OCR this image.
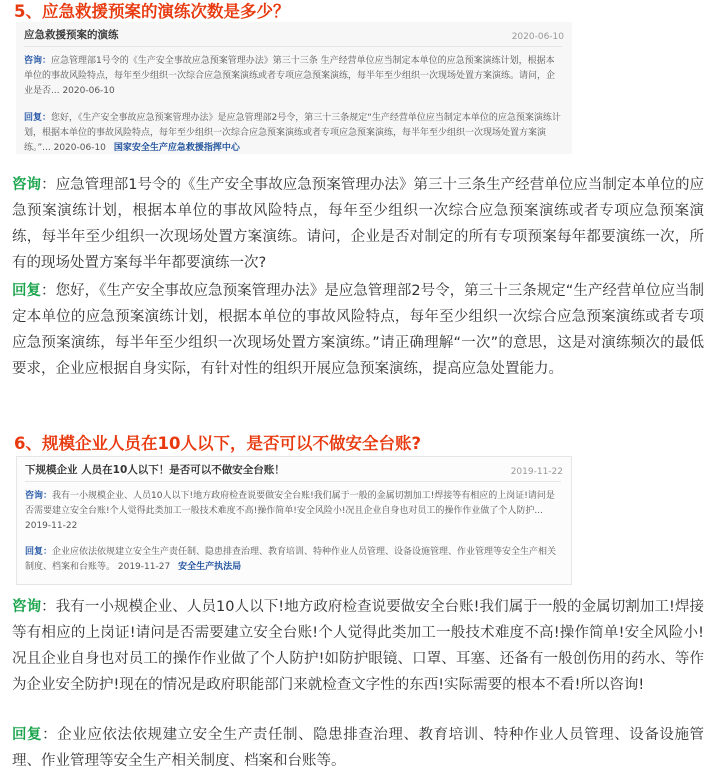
5、应急救援预案的演练次数是多少？
应急救援预案的演练	2020-06-10
咨询：应急管理部1号令的《生产安全事故应急预案管理办法》第三十三条 生产经营单位应当制定本单位的应急预案演练计划，根据本单位的事故风险特点，每年至少组织一次综合应急预案演练或者专项应急预案演练，每半年至少组织一次现场处置方案演练。请问，企业是否... 2020-06-10
回复：您好，《生产安全事故应急预案管理办法》是应急管理部2号令，第三十三条规定“生产经营单位应当制定本单位的应急预案演练计划，根据本单位的事故风险特点，每年至少组织一次综合应急预案演练或者专项应急预案演练，每半年至少组织一次现场处置方案演练。”... 2020-06-10 国家安全生产应急救援指挥中心

咨询：应急管理部1号令的《生产安全事故应急预案管理办法》第三十三条生产经营单位应当制定本单位的应急预案演练计划，根据本单位的事故风险特点，每年至少组织一次综合应急预案演练或者专项应急预案演练，每半年至少组织一次现场处置方案演练。请问，企业是否对制定的所有专项预案每年都要演练一次，所有的现场处置方案每半年都要演练一次?

回复：您好，《生产安全事故应急预案管理办法》是应急管理部2号令，第三十三条规定“生产经营单位应当制定本单位的应急预案演练计划，根据本单位的事故风险特点，每年至少组织一次综合应急预案演练或者专项应急预案演练，每半年至少组织一次现场处置方案演练。”请正确理解“一次”的意思，这是对演练频次的最低要求，企业应根据自身实际，有针对性的组织开展应急预案演练，提高应急处置能力。

6、规模企业人员在10人以下，是否可以不做安全台账?
下规模企业 人员在10人以下！是否可以不做安全台账！	2019-11-22
咨询：我有一小规模企业、人员10人以下!地方政府检查说要做安全台账!我们属于一般的金属切割加工!焊接等有相应的上岗证!请问是否需要建立安全台账!个人觉得此类加工一般技术难度不高!操作简单!安全风险小!况且企业自身也对员工的操作作业做了个人防护... 2019-11-22
回复：企业应依法依规建立安全生产责任制、隐患排查治理、教育培训、特种作业人员管理、设备设施管理、作业管理等安全生产相关制度、档案和台账等。 2019-11-27 安全生产执法局

咨询：我有一小规模企业、人员10人以下!地方政府检查说要做安全台账!我们属于一般的金属切割加工!焊接等有相应的上岗证!请问是否需要建立安全台账!个人觉得此类加工一般技术难度不高!操作简单!安全风险小!况且企业自身也对员工的操作作业做了个人防护!如防护眼镜、口罩、耳塞、还备有一般创伤用的药水、等作为企业安全防护!现在的情况是政府职能部门来就检查文字性的东西!实际需要的根本不看!所以咨询!

回复：企业应依法依规建立安全生产责任制、隐患排查治理、教育培训、特种作业人员管理、设备设施管理、作业管理等安全生产相关制度、档案和台账等。
